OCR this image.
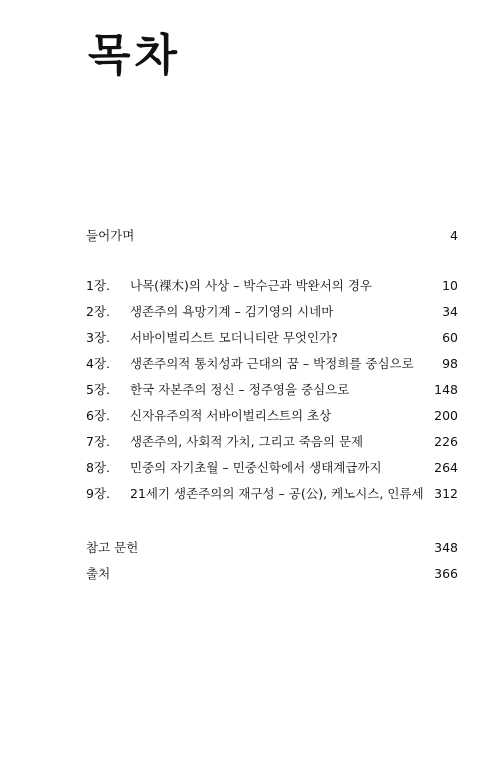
목차
들어가며	4
1장. 나목(裸木)의 사상 – 박수근과 박완서의 경우	10
2장. 생존주의 욕망기계 – 김기영의 시네마	34
3장. 서바이벌리스트 모더니티란 무엇인가?	60
4장. 생존주의적 통치성과 근대의 꿈 – 박정희를 중심으로 98
5장. 한국 자본주의 정신 – 정주영을 중심으로	148
6장. 신자유주의적 서바이벌리스트의 초상	200
7장. 생존주의, 사회적 가치, 그리고 죽음의 문제	226
8장. 민중의 자기초월 – 민중신학에서 생태계급까지	264
9장. 21세기 생존주의의 재구성 – 공(公), 케노시스, 인류세 312
참고 문헌	348
출처	366
